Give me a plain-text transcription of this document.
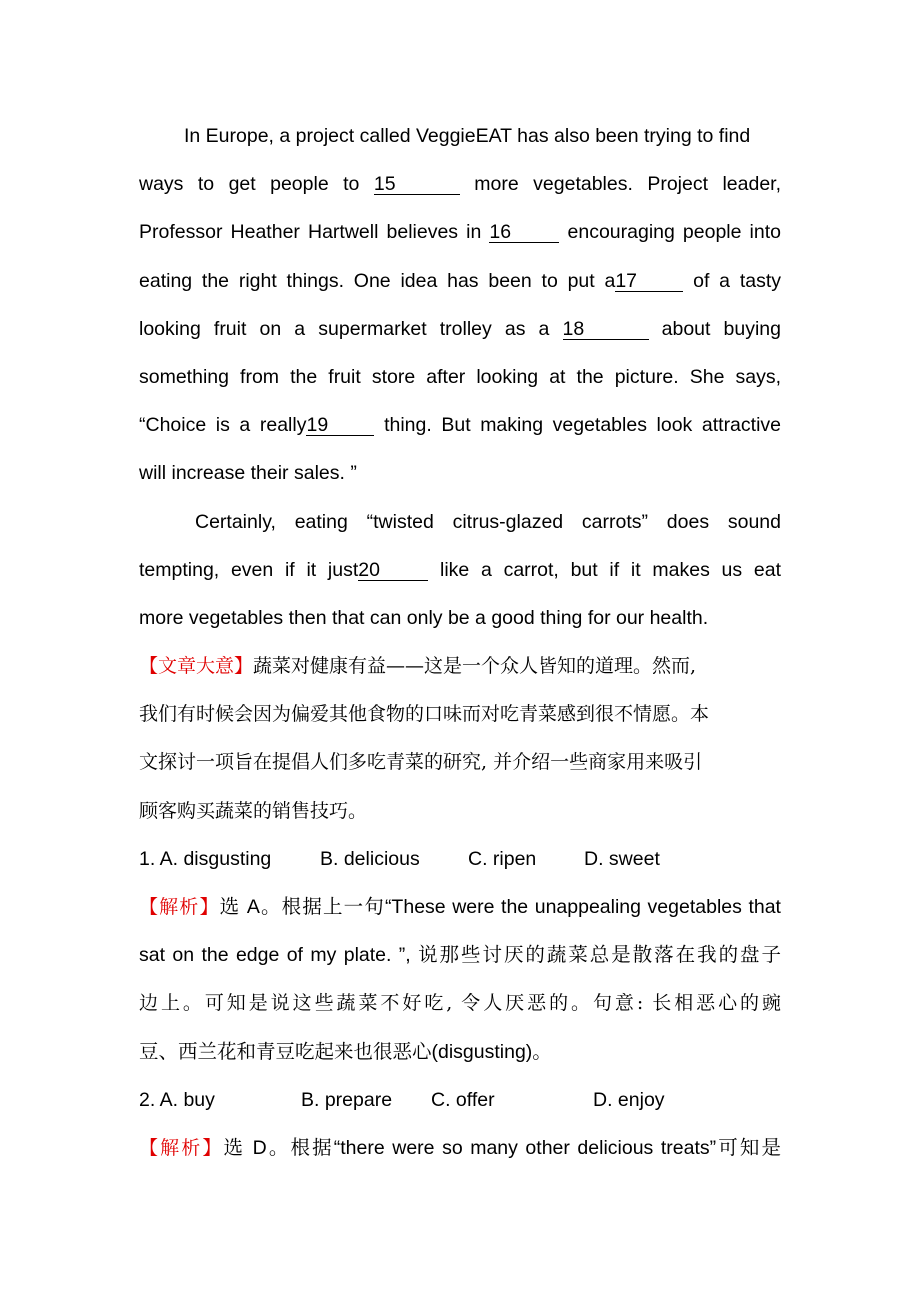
In Europe, a project called VeggieEAT has also been trying to find
ways to get people to 15	more vegetables. Project leader,
Professor Heather Hartwell believes in 16	encouraging people into
eating the right things. One idea has been to put a17	of a tasty
looking fruit on a supermarket trolley as a 18	about buying
something from the fruit store after looking at the picture. She says,
“Choice is a really19	thing. But making vegetables look attractive
will increase their sales. ”
Certainly, eating “twisted citrus-glazed carrots” does sound
tempting, even if it just20	like a carrot, but if it makes us eat
more vegetables then that can only be a good thing for our health.
【文章大意】蔬菜对健康有益——这是一个众人皆知的道理。然而,
我们有时候会因为偏爱其他食物的口味而对吃青菜感到很不情愿。本
文探讨一项旨在提倡人们多吃青菜的研究, 并介绍一些商家用来吸引
顾客购买蔬菜的销售技巧。
1. A. disgusting B. delicious C. ripen D. sweet
【解析】选 A。根据上一句“These were the unappealing vegetables that
sat on the edge of my plate. ”, 说那些讨厌的蔬菜总是散落在我的盘子
边上。可知是说这些蔬菜不好吃, 令人厌恶的。句意: 长相恶心的豌
豆、西兰花和青豆吃起来也很恶心(disgusting)。
2. A. buy	B. prepare C. offer	D. enjoy
【解析】选 D。根据“there were so many other delicious treats”可知是
